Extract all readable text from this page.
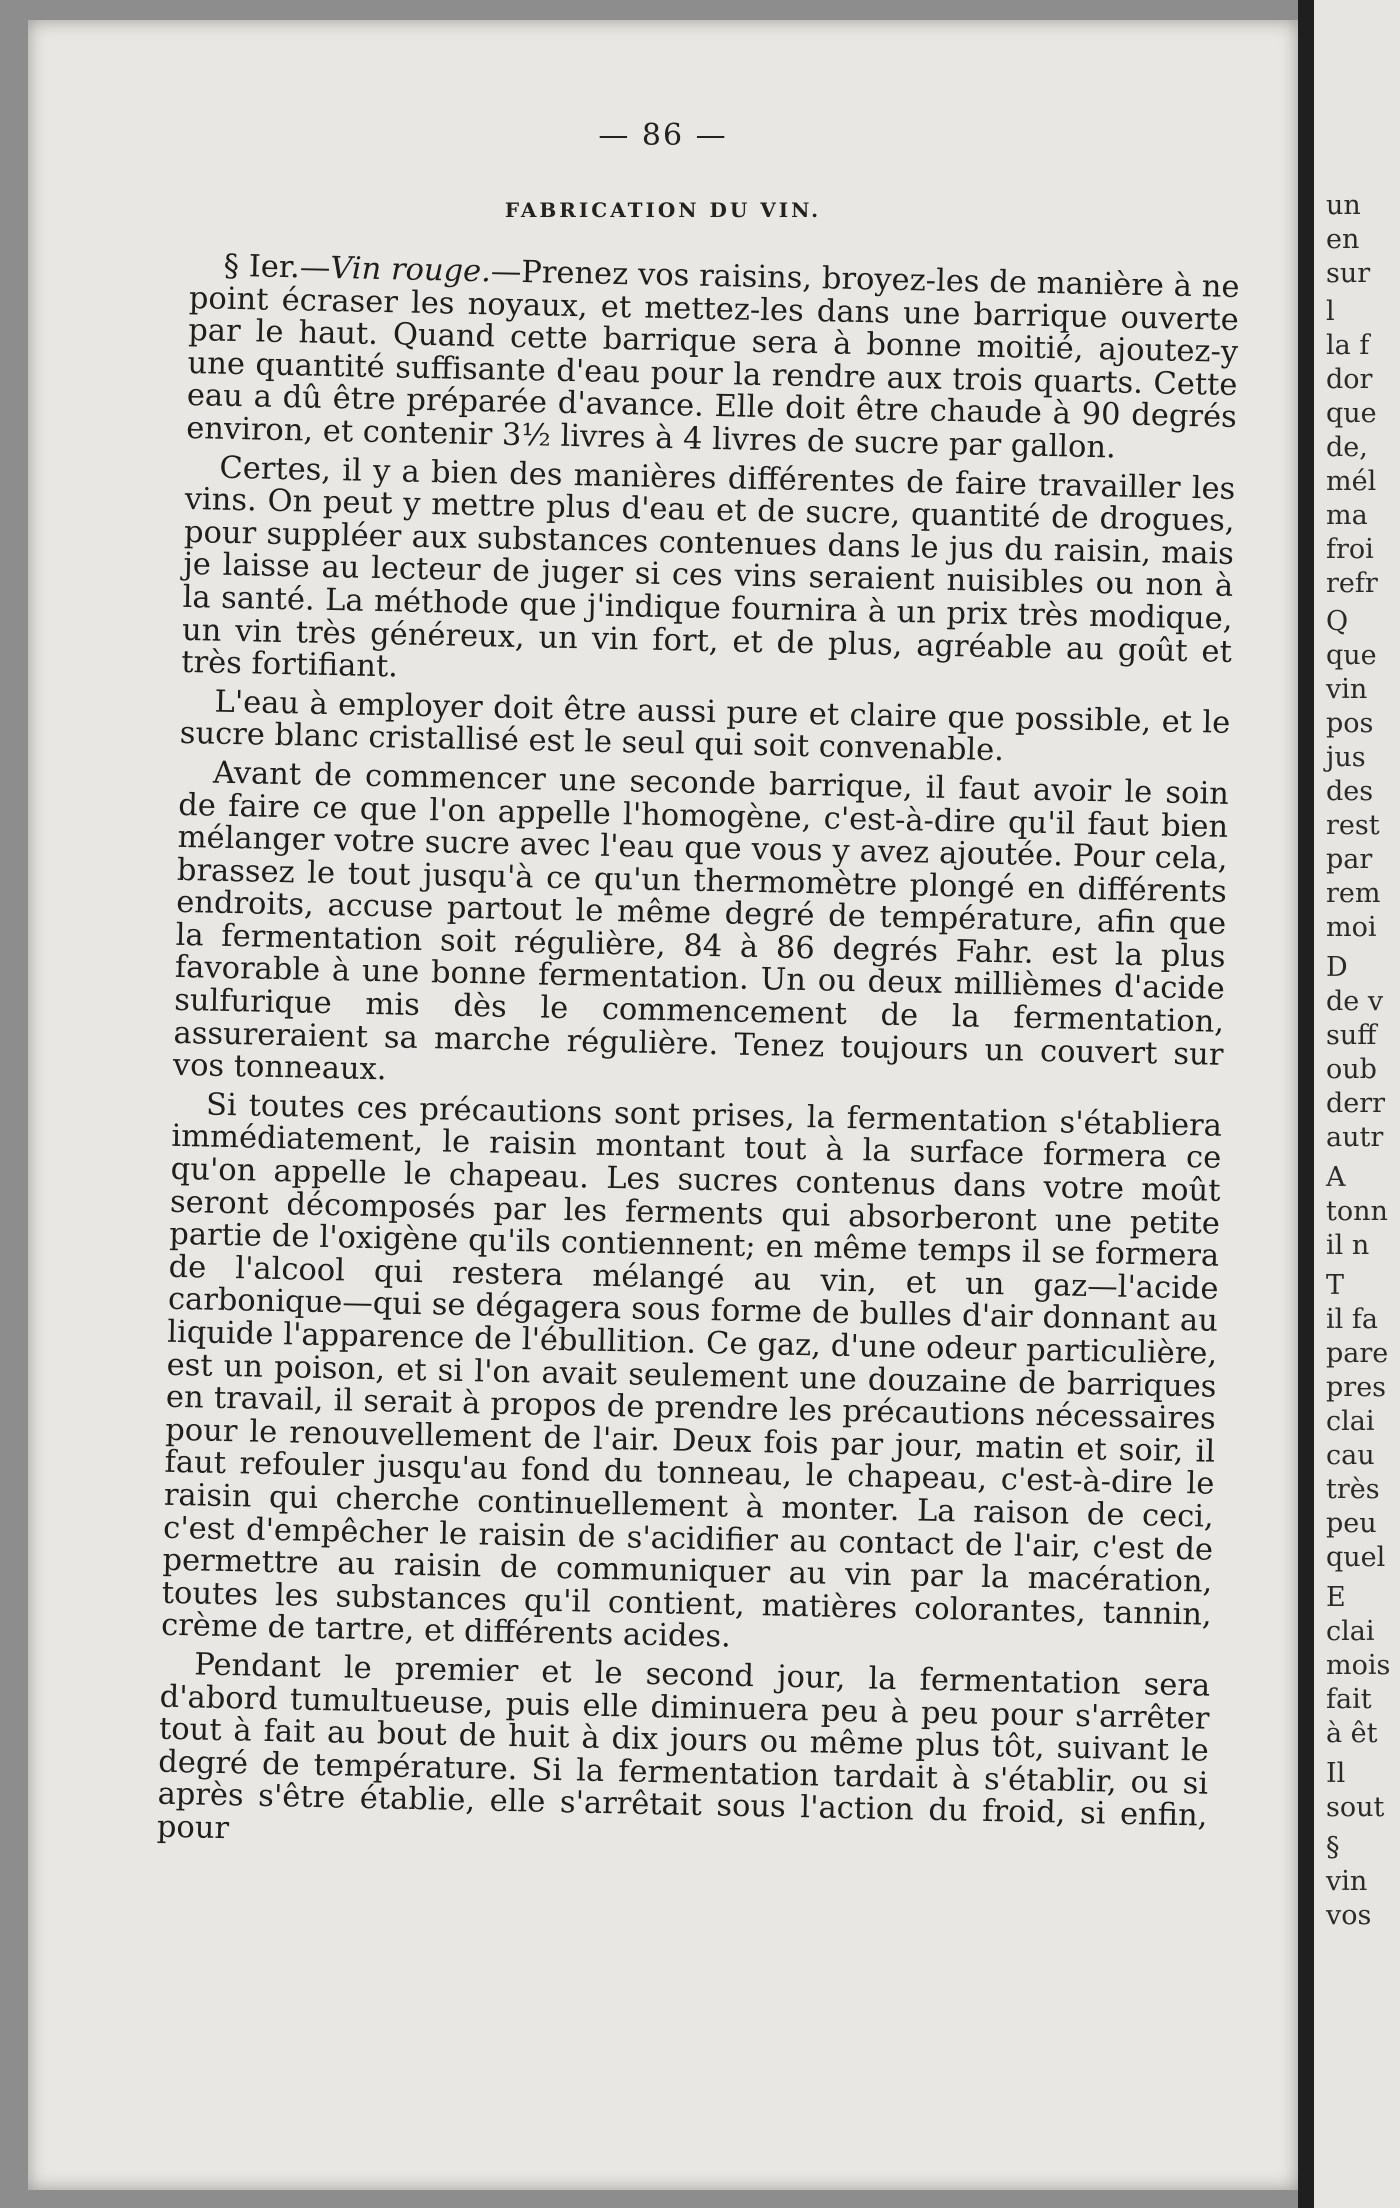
— 86 —
FABRICATION DU VIN.

§ Ier.—Vin rouge.—Prenez vos raisins, broyez-les de manière à ne point écraser les noyaux, et mettez-les dans une barrique ouverte par le haut. Quand cette barrique sera à bonne moitié, ajoutez-y une quantité suffisante d'eau pour la rendre aux trois quarts. Cette eau a dû être préparée d'avance. Elle doit être chaude à 90 degrés environ, et contenir 3½ livres à 4 livres de sucre par gallon.

Certes, il y a bien des manières différentes de faire travailler les vins. On peut y mettre plus d'eau et de sucre, quantité de drogues, pour suppléer aux substances contenues dans le jus du raisin, mais je laisse au lecteur de juger si ces vins seraient nuisibles ou non à la santé. La méthode que j'indique fournira à un prix très modique, un vin très généreux, un vin fort, et de plus, agréable au goût et très fortifiant.

L'eau à employer doit être aussi pure et claire que possible, et le sucre blanc cristallisé est le seul qui soit convenable.

Avant de commencer une seconde barrique, il faut avoir le soin de faire ce que l'on appelle l'homogène, c'est-à-dire qu'il faut bien mélanger votre sucre avec l'eau que vous y avez ajoutée. Pour cela, brassez le tout jusqu'à ce qu'un thermomètre plongé en différents endroits, accuse partout le même degré de température, afin que la fermentation soit régulière, 84 à 86 degrés Fahr. est la plus favorable à une bonne fermentation. Un ou deux millièmes d'acide sulfurique mis dès le commencement de la fermentation, assureraient sa marche régulière. Tenez toujours un couvert sur vos tonneaux.

Si toutes ces précautions sont prises, la fermentation s'établiera immédiatement, le raisin montant tout à la surface formera ce qu'on appelle le chapeau. Les sucres contenus dans votre moût seront décomposés par les ferments qui absorberont une petite partie de l'oxigène qu'ils contiennent; en même temps il se formera de l'alcool qui restera mélangé au vin, et un gaz—l'acide carbonique—qui se dégagera sous forme de bulles d'air donnant au liquide l'apparence de l'ébullition. Ce gaz, d'une odeur particulière, est un poison, et si l'on avait seulement une douzaine de barriques en travail, il serait à propos de prendre les précautions nécessaires pour le renouvellement de l'air. Deux fois par jour, matin et soir, il faut refouler jusqu'au fond du tonneau, le chapeau, c'est-à-dire le raisin qui cherche continuellement à monter. La raison de ceci, c'est d'empêcher le raisin de s'acidifier au contact de l'air, c'est de permettre au raisin de communiquer au vin par la macération, toutes les substances qu'il contient, matières colorantes, tannin, crème de tartre, et différents acides.

Pendant le premier et le second jour, la fermentation sera d'abord tumultueuse, puis elle diminuera peu à peu pour s'arrêter tout à fait au bout de huit à dix jours ou même plus tôt, suivant le degré de température. Si la fermentation tardait à s'établir, ou si après s'être établie, elle s'arrêtait sous l'action du froid, si enfin, pour

un
en
sur
l
la f
dor
que
de,
mél
ma
froi
refr
Q
que
vin
pos
jus
des
rest
par
rem
moi
D
de v
suff
oub
derr
autr
A
tonn
il n
T
il fa
pare
pres
clai
cau
très
peu
quel
E
clai
mois
fait
à êt
Il
sout
§
vin
vos
